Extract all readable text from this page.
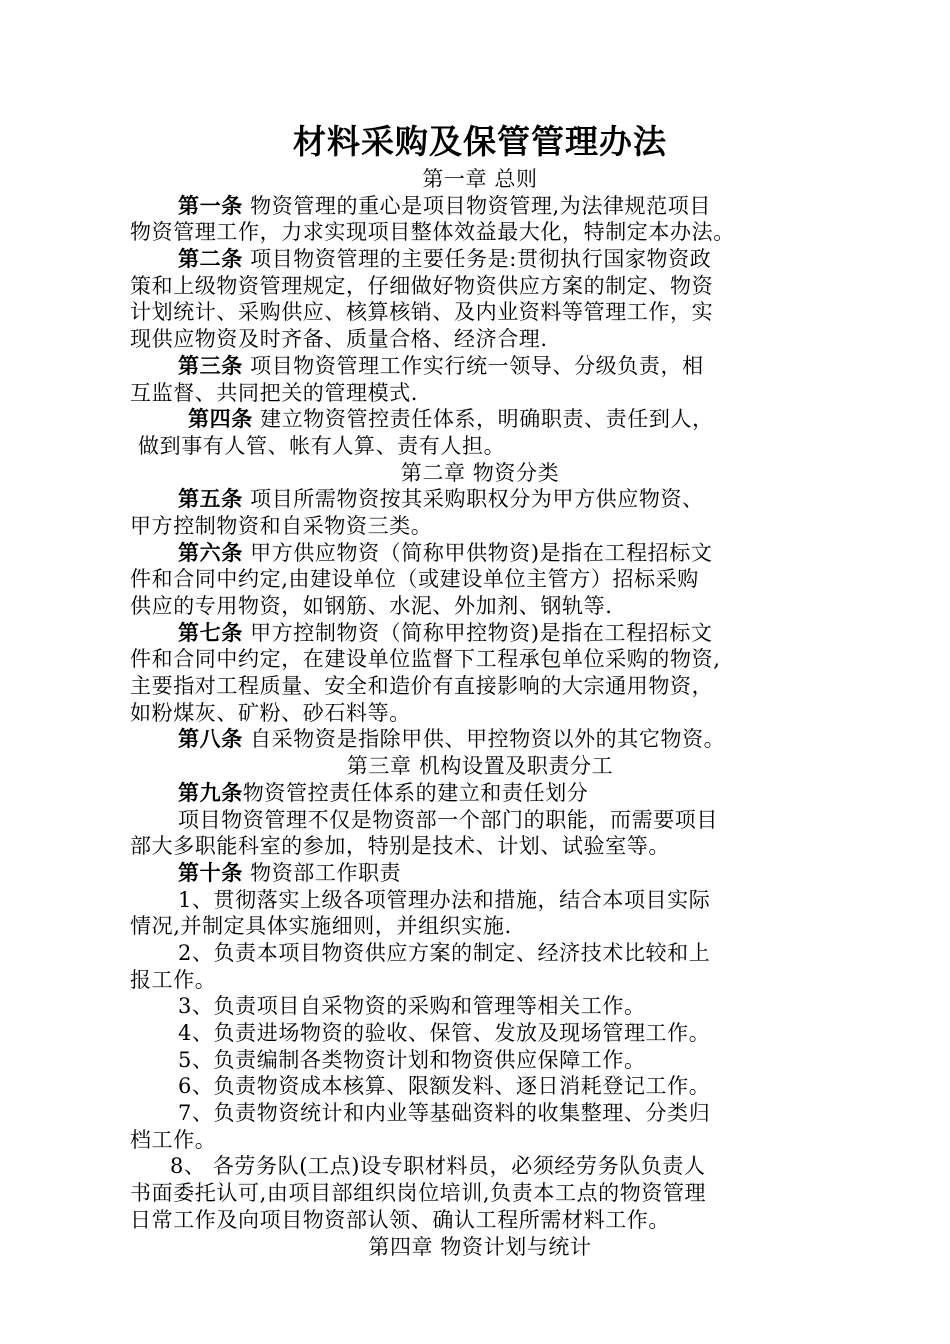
材料采购及保管管理办法
第一章 总则
第一条 物资管理的重心是项目物资管理,为法律规范项目
物资管理工作，力求实现项目整体效益最大化，特制定本办法。
第二条 项目物资管理的主要任务是:贯彻执行国家物资政
策和上级物资管理规定，仔细做好物资供应方案的制定、物资
计划统计、采购供应、核算核销、及内业资料等管理工作，实
现供应物资及时齐备、质量合格、经济合理.
第三条 项目物资管理工作实行统一领导、分级负责，相
互监督、共同把关的管理模式.
第四条 建立物资管控责任体系，明确职责、责任到人，
做到事有人管、帐有人算、责有人担。
第二章 物资分类
第五条 项目所需物资按其采购职权分为甲方供应物资、
甲方控制物资和自采物资三类。
第六条 甲方供应物资（简称甲供物资)是指在工程招标文
件和合同中约定,由建设单位（或建设单位主管方）招标采购
供应的专用物资，如钢筋、水泥、外加剂、钢轨等.
第七条 甲方控制物资（简称甲控物资)是指在工程招标文
件和合同中约定，在建设单位监督下工程承包单位采购的物资,
主要指对工程质量、安全和造价有直接影响的大宗通用物资，
如粉煤灰、矿粉、砂石料等。
第八条 自采物资是指除甲供、甲控物资以外的其它物资。
第三章 机构设置及职责分工
第九条物资管控责任体系的建立和责任划分
项目物资管理不仅是物资部一个部门的职能，而需要项目
部大多职能科室的参加，特别是技术、计划、试验室等。
第十条 物资部工作职责
1、贯彻落实上级各项管理办法和措施，结合本项目实际
情况,并制定具体实施细则，并组织实施.
2、负责本项目物资供应方案的制定、经济技术比较和上
报工作。
3、负责项目自采物资的采购和管理等相关工作。
4、负责进场物资的验收、保管、发放及现场管理工作。
5、负责编制各类物资计划和物资供应保障工作。
6、负责物资成本核算、限额发料、逐日消耗登记工作。
7、负责物资统计和内业等基础资料的收集整理、分类归
档工作。
8、 各劳务队(工点)设专职材料员，必须经劳务队负责人
书面委托认可,由项目部组织岗位培训,负责本工点的物资管理
日常工作及向项目物资部认领、确认工程所需材料工作。
第四章 物资计划与统计
